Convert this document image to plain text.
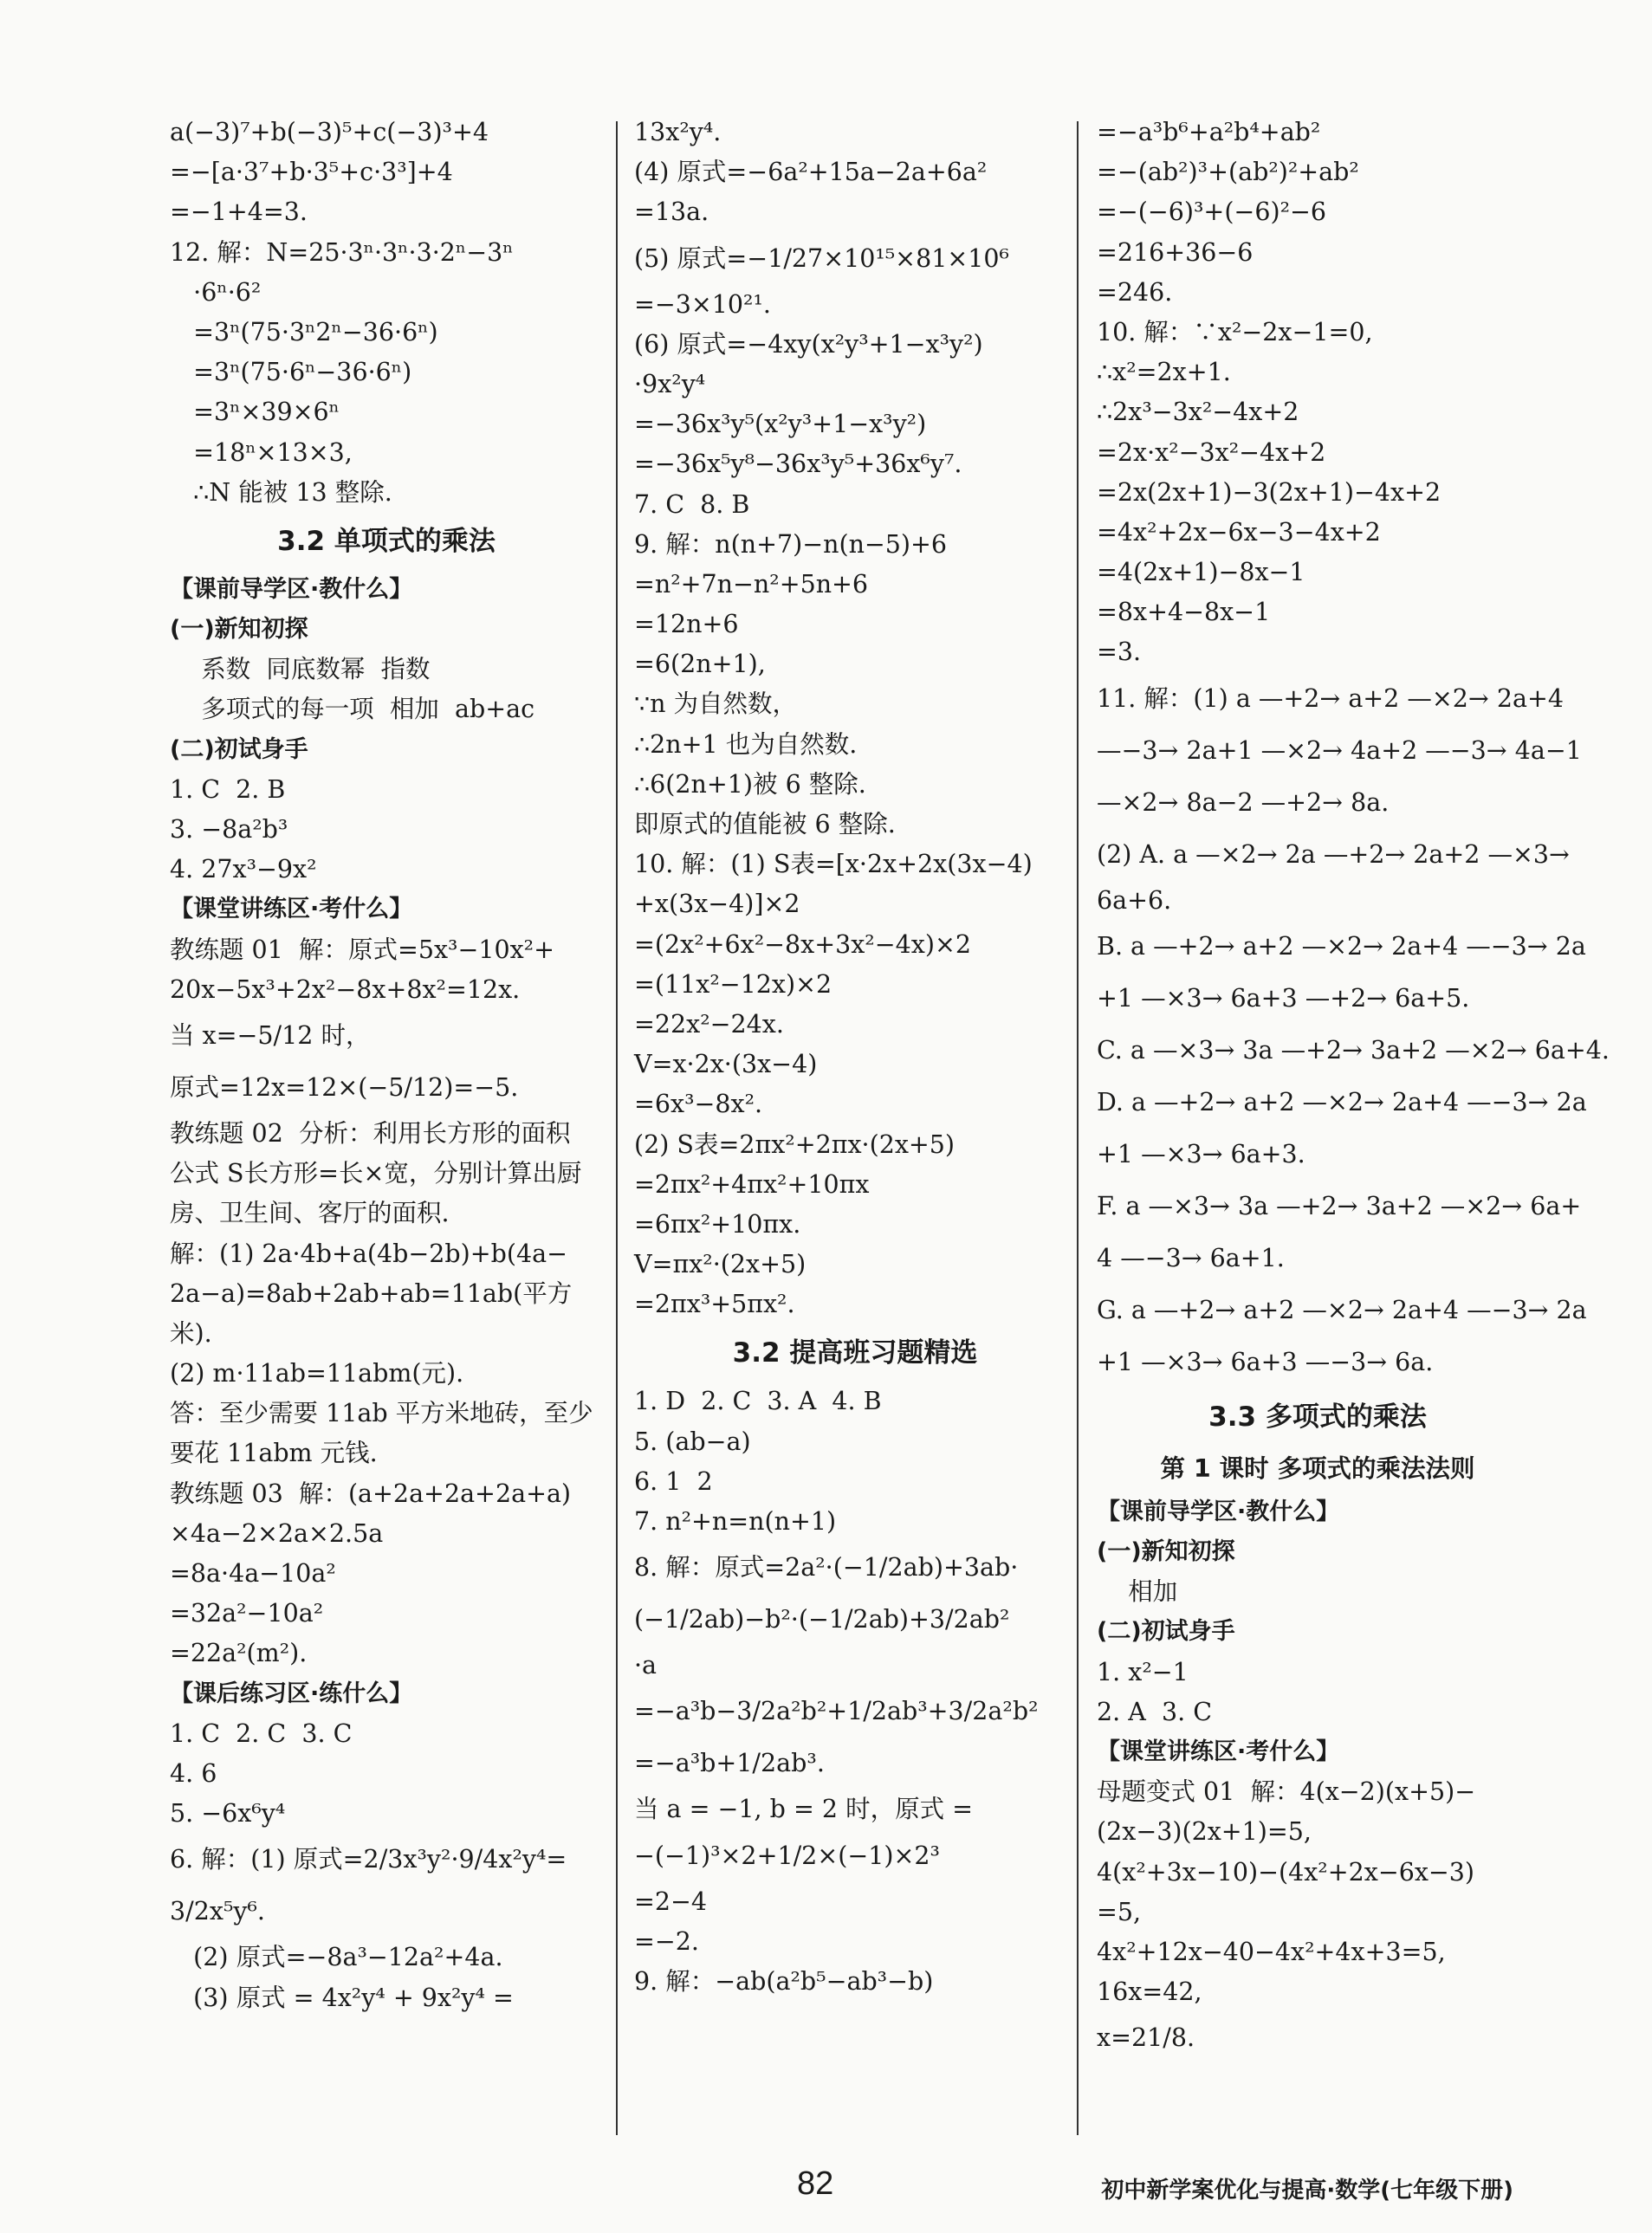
a(−3)⁷+b(−3)⁵+c(−3)³+4
=−[a·3⁷+b·3⁵+c·3³]+4
=−1+4=3.
12. 解：N=25·3ⁿ·3ⁿ·3·2ⁿ−3ⁿ
·6ⁿ·6²
=3ⁿ(75·3ⁿ2ⁿ−36·6ⁿ)
=3ⁿ(75·6ⁿ−36·6ⁿ)
=3ⁿ×39×6ⁿ
=18ⁿ×13×3,
∴N 能被 13 整除.
3.2 单项式的乘法
【课前导学区·教什么】
(一)新知初探
系数  同底数幂  指数
多项式的每一项  相加  ab+ac
(二)初试身手
1. C  2. B
3. −8a²b³
4. 27x³−9x²
【课堂讲练区·考什么】
教练题 01  解：原式=5x³−10x²+
20x−5x³+2x²−8x+8x²=12x.
当 x=−5/12 时，
原式=12x=12×(−5/12)=−5.
教练题 02  分析：利用长方形的面积
公式 S长方形=长×宽，分别计算出厨
房、卫生间、客厅的面积.
解：(1) 2a·4b+a(4b−2b)+b(4a−
2a−a)=8ab+2ab+ab=11ab(平方
米).
(2) m·11ab=11abm(元).
答：至少需要 11ab 平方米地砖，至少
要花 11abm 元钱.
教练题 03  解：(a+2a+2a+2a+a)
×4a−2×2a×2.5a
=8a·4a−10a²
=32a²−10a²
=22a²(m²).
【课后练习区·练什么】
1. C  2. C  3. C
4. 6
5. −6x⁶y⁴
6. 解：(1) 原式=2/3x³y²·9/4x²y⁴=
3/2x⁵y⁶.
(2) 原式=−8a³−12a²+4a.
(3) 原式 = 4x²y⁴ + 9x²y⁴ =
13x²y⁴.
(4) 原式=−6a²+15a−2a+6a²
=13a.
(5) 原式=−1/27×10¹⁵×81×10⁶
=−3×10²¹.
(6) 原式=−4xy(x²y³+1−x³y²)
·9x²y⁴
=−36x³y⁵(x²y³+1−x³y²)
=−36x⁵y⁸−36x³y⁵+36x⁶y⁷.
7. C  8. B
9. 解：n(n+7)−n(n−5)+6
=n²+7n−n²+5n+6
=12n+6
=6(2n+1),
∵n 为自然数，
∴2n+1 也为自然数.
∴6(2n+1)被 6 整除.
即原式的值能被 6 整除.
10. 解：(1) S表=[x·2x+2x(3x−4)
+x(3x−4)]×2
=(2x²+6x²−8x+3x²−4x)×2
=(11x²−12x)×2
=22x²−24x.
V=x·2x·(3x−4)
=6x³−8x².
(2) S表=2πx²+2πx·(2x+5)
=2πx²+4πx²+10πx
=6πx²+10πx.
V=πx²·(2x+5)
=2πx³+5πx².
3.2 提高班习题精选
1. D  2. C  3. A  4. B
5. (ab−a)
6. 1  2
7. n²+n=n(n+1)
8. 解：原式=2a²·(−1/2ab)+3ab·
(−1/2ab)−b²·(−1/2ab)+3/2ab²
·a
=−a³b−3/2a²b²+1/2ab³+3/2a²b²
=−a³b+1/2ab³.
当 a = −1, b = 2 时，原式 =
−(−1)³×2+1/2×(−1)×2³
=2−4
=−2.
9. 解：−ab(a²b⁵−ab³−b)
=−a³b⁶+a²b⁴+ab²
=−(ab²)³+(ab²)²+ab²
=−(−6)³+(−6)²−6
=216+36−6
=246.
10. 解：∵x²−2x−1=0,
∴x²=2x+1.
∴2x³−3x²−4x+2
=2x·x²−3x²−4x+2
=2x(2x+1)−3(2x+1)−4x+2
=4x²+2x−6x−3−4x+2
=4(2x+1)−8x−1
=8x+4−8x−1
=3.
11. 解：(1) a —+2→ a+2 —×2→ 2a+4
—−3→ 2a+1 —×2→ 4a+2 —−3→ 4a−1
—×2→ 8a−2 —+2→ 8a.
(2) A. a —×2→ 2a —+2→ 2a+2 —×3→
6a+6.
B. a —+2→ a+2 —×2→ 2a+4 —−3→ 2a
+1 —×3→ 6a+3 —+2→ 6a+5.
C. a —×3→ 3a —+2→ 3a+2 —×2→ 6a+4.
D. a —+2→ a+2 —×2→ 2a+4 —−3→ 2a
+1 —×3→ 6a+3.
F. a —×3→ 3a —+2→ 3a+2 —×2→ 6a+
4 —−3→ 6a+1.
G. a —+2→ a+2 —×2→ 2a+4 —−3→ 2a
+1 —×3→ 6a+3 —−3→ 6a.
3.3 多项式的乘法
第 1 课时 多项式的乘法法则
【课前导学区·教什么】
(一)新知初探
相加
(二)初试身手
1. x²−1
2. A  3. C
【课堂讲练区·考什么】
母题变式 01  解：4(x−2)(x+5)−
(2x−3)(2x+1)=5,
4(x²+3x−10)−(4x²+2x−6x−3)
=5,
4x²+12x−40−4x²+4x+3=5,
16x=42,
x=21/8.
82	初中新学案优化与提高·数学(七年级下册)
